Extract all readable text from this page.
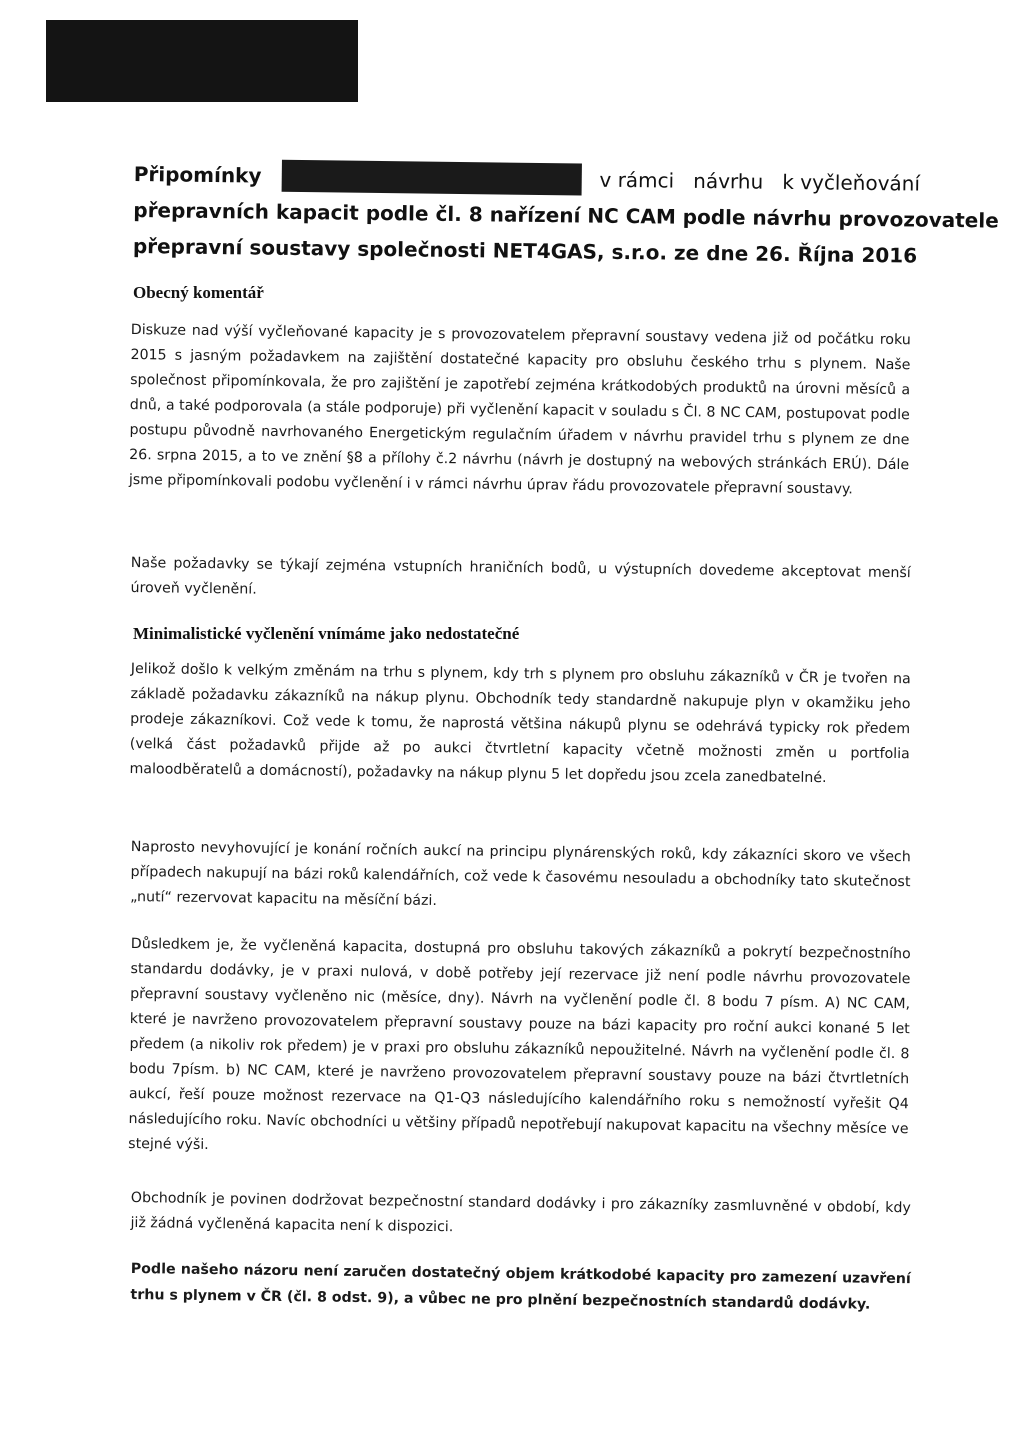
Připomínky	v rámci   návrhu   k vyčleňování
přepravních kapacit podle čl. 8 nařízení NC CAM podle návrhu provozovatele
přepravní soustavy společnosti NET4GAS, s.r.o. ze dne 26. Října 2016
Obecný komentář

Diskuze nad výší vyčleňované kapacity je s provozovatelem přepravní soustavy vedena již od počátku roku 2015 s jasným požadavkem na zajištění dostatečné kapacity pro obsluhu českého trhu s plynem. Naše společnost připomínkovala, že pro zajištění je zapotřebí zejména krátkodobých produktů na úrovni měsíců a dnů, a také podporovala (a stále podporuje) při vyčlenění kapacit v souladu s Čl. 8 NC CAM, postupovat podle postupu původně navrhovaného Energetickým regulačním úřadem v návrhu pravidel trhu s plynem ze dne 26. srpna 2015, a to ve znění §8 a přílohy č.2 návrhu (návrh je dostupný na webových stránkách ERÚ). Dále jsme připomínkovali podobu vyčlenění i v rámci návrhu úprav řádu provozovatele přepravní soustavy.

Naše požadavky se týkají zejména vstupních hraničních bodů, u výstupních dovedeme akceptovat menší úroveň vyčlenění.

Minimalistické vyčlenění vnímáme jako nedostatečné

Jelikož došlo k velkým změnám na trhu s plynem, kdy trh s plynem pro obsluhu zákazníků v ČR je tvořen na základě požadavku zákazníků na nákup plynu. Obchodník tedy standardně nakupuje plyn v okamžiku jeho prodeje zákazníkovi. Což vede k tomu, že naprostá většina nákupů plynu se odehrává typicky rok předem (velká část požadavků přijde až po aukci čtvrtletní kapacity včetně možnosti změn u portfolia maloodběratelů a domácností), požadavky na nákup plynu 5 let dopředu jsou zcela zanedbatelné.

Naprosto nevyhovující je konání ročních aukcí na principu plynárenských roků, kdy zákazníci skoro ve všech případech nakupují na bázi roků kalendářních, což vede k časovému nesouladu a obchodníky tato skutečnost „nutí“ rezervovat kapacitu na měsíční bázi.

Důsledkem je, že vyčleněná kapacita, dostupná pro obsluhu takových zákazníků a pokrytí bezpečnostního standardu dodávky, je v praxi nulová, v době potřeby její rezervace již není podle návrhu provozovatele přepravní soustavy vyčleněno nic (měsíce, dny). Návrh na vyčlenění podle čl. 8 bodu 7 písm. A) NC CAM, které je navrženo provozovatelem přepravní soustavy pouze na bázi kapacity pro roční aukci konané 5 let předem (a nikoliv rok předem) je v praxi pro obsluhu zákazníků nepoužitelné. Návrh na vyčlenění podle čl. 8 bodu 7písm. b) NC CAM, které je navrženo provozovatelem přepravní soustavy pouze na bázi čtvrtletních aukcí, řeší pouze možnost rezervace na Q1-Q3 následujícího kalendářního roku s nemožností vyřešit Q4 následujícího roku. Navíc obchodníci u většiny případů nepotřebují nakupovat kapacitu na všechny měsíce ve stejné výši.

Obchodník je povinen dodržovat bezpečnostní standard dodávky i pro zákazníky zasmluvněné v období, kdy již žádná vyčleněná kapacita není k dispozici.

Podle našeho názoru není zaručen dostatečný objem krátkodobé kapacity pro zamezení uzavření trhu s plynem v ČR (čl. 8 odst. 9), a vůbec ne pro plnění bezpečnostních standardů dodávky.
